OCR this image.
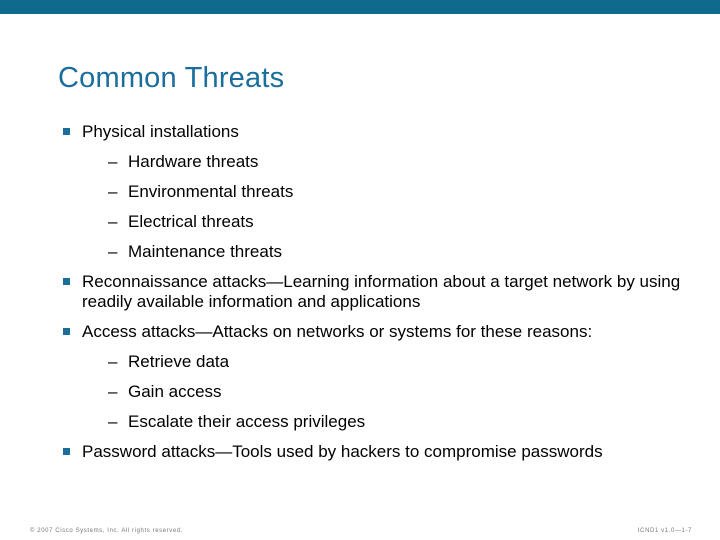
Common Threats
Physical installations
– Hardware threats
– Environmental threats
– Electrical threats
– Maintenance threats
Reconnaissance attacks—Learning information about a target network by using readily available information and applications
Access attacks—Attacks on networks or systems for these reasons:
– Retrieve data
– Gain access
– Escalate their access privileges
Password attacks—Tools used by hackers to compromise passwords
© 2007 Cisco Systems, Inc. All rights reserved.	ICND1 v1.0—1-7
